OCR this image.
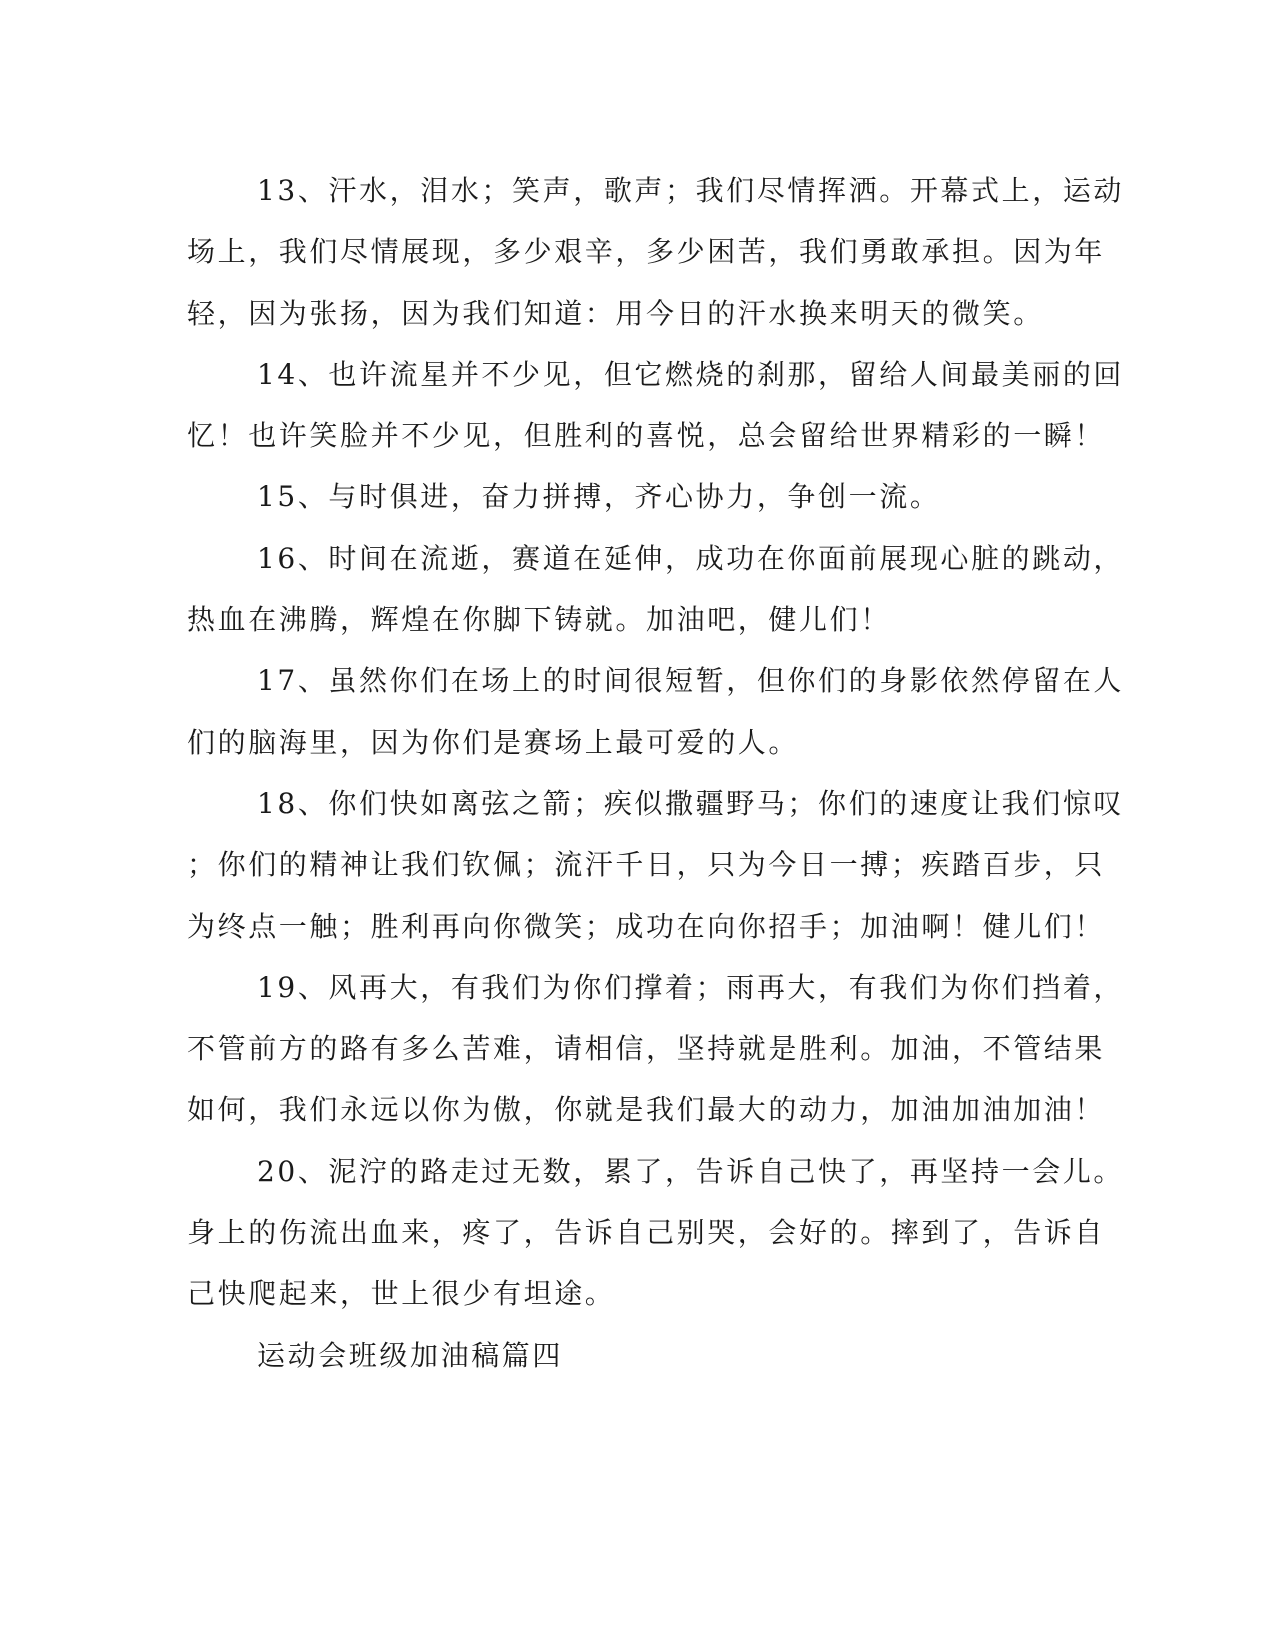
13、汗水，泪水；笑声，歌声；我们尽情挥洒。开幕式上，运动
场上，我们尽情展现，多少艰辛，多少困苦，我们勇敢承担。因为年
轻，因为张扬，因为我们知道：用今日的汗水换来明天的微笑。
14、也许流星并不少见，但它燃烧的刹那，留给人间最美丽的回
忆！也许笑脸并不少见，但胜利的喜悦，总会留给世界精彩的一瞬！
15、与时俱进，奋力拼搏，齐心协力，争创一流。
16、时间在流逝，赛道在延伸，成功在你面前展现心脏的跳动，
热血在沸腾，辉煌在你脚下铸就。加油吧，健儿们！
17、虽然你们在场上的时间很短暂，但你们的身影依然停留在人
们的脑海里，因为你们是赛场上最可爱的人。
18、你们快如离弦之箭；疾似撒疆野马；你们的速度让我们惊叹
；你们的精神让我们钦佩；流汗千日，只为今日一搏；疾踏百步，只
为终点一触；胜利再向你微笑；成功在向你招手；加油啊！健儿们！
19、风再大，有我们为你们撑着；雨再大，有我们为你们挡着，
不管前方的路有多么苦难，请相信，坚持就是胜利。加油，不管结果
如何，我们永远以你为傲，你就是我们最大的动力，加油加油加油！
20、泥泞的路走过无数，累了，告诉自己快了，再坚持一会儿。
身上的伤流出血来，疼了，告诉自己别哭，会好的。摔到了，告诉自
己快爬起来，世上很少有坦途。
运动会班级加油稿篇四
